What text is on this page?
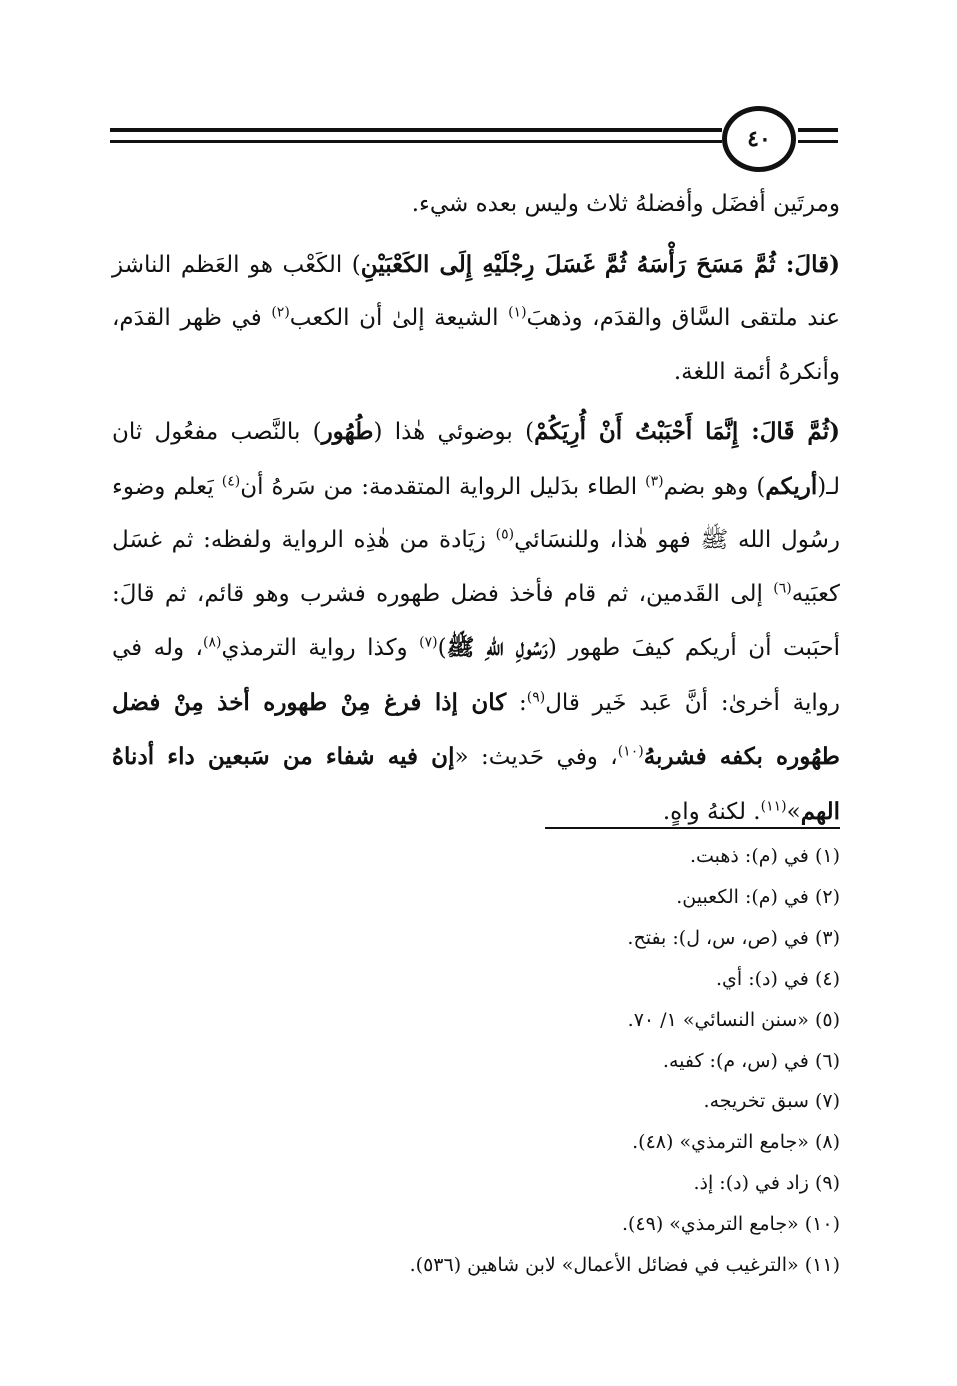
٤٠

ومرتَين أفضَل وأفضلهُ ثلاث وليس بعده شيء.

(قالَ: ثُمَّ مَسَحَ رَأْسَهُ ثُمَّ غَسَلَ رِجْلَيْهِ إِلَى الكَعْبَيْنِ) الكَعْب هو العَظم الناشز عند ملتقى السَّاق والقدَم، وذهبَ$^{(١)}$ الشيعة إلىٰ أن الكعب$^{(٢)}$ في ظهر القدَم، وأنكرهُ أئمة اللغة.

(ثُمَّ قَالَ: إِنَّمَا أَحْبَبْتُ أَنْ أُرِيَكُمْ) بوضوئي هٰذا (طُهُور) بالنَّصب مفعُول ثان لـ(أريكم) وهو بضم$^{(٣)}$ الطاء بدَليل الرواية المتقدمة: من سَرهُ أن$^{(٤)}$ يَعلم وضوء رسُول الله ﷺ فهو هٰذا، وللنسَائي$^{(٥)}$ زيَادة من هٰذِه الرواية ولفظه: ثم غسَل كعبَيه$^{(٦)}$ إلى القَدمين، ثم قام فأخذ فضل طهوره فشرب وهو قائم، ثم قالَ: أحبَبت أن أريكم كيفَ طهور (رَسُولِ اللهِ ﷺ)$^{(٧)}$ وكذا رواية الترمذي$^{(٨)}$، وله في رواية أخرىٰ: أنَّ عَبد خَير قال$^{(٩)}$: كان إذا فرغ مِنْ طهوره أخذ مِنْ فضل طهُوره بكفه فشربهُ$^{(١٠)}$، وفي حَديث: «إن فيه شفاء من سَبعين داء أدناهُ الهم»$^{(١١)}$. لكنهُ واهٍ.

(١) في (م): ذهبت.
(٢) في (م): الكعبين.
(٣) في (ص، س، ل): بفتح.
(٤) في (د): أي.
(٥) «سنن النسائي» ١/ ٧٠.
(٦) في (س، م): كفيه.
(٧) سبق تخريجه.
(٨) «جامع الترمذي» (٤٨).
(٩) زاد في (د): إذ.
(١٠) «جامع الترمذي» (٤٩).
(١١) «الترغيب في فضائل الأعمال» لابن شاهين (٥٣٦).
